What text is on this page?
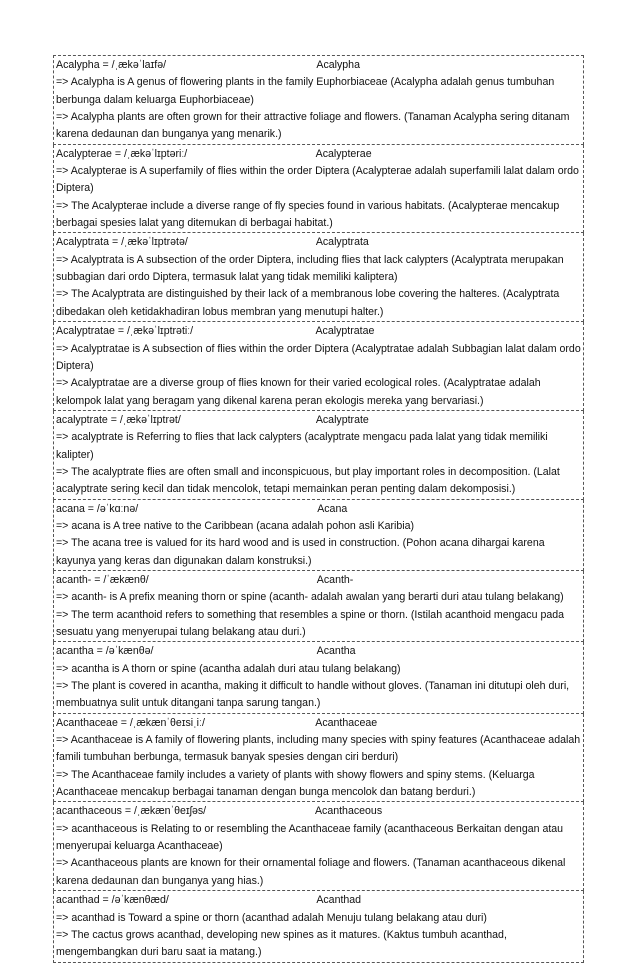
Acalypha = /ˌækəˈlaɪfə/	Acalypha
=> Acalypha is A genus of flowering plants in the family Euphorbiaceae (Acalypha adalah genus tumbuhan berbunga dalam keluarga Euphorbiaceae)
=> Acalypha plants are often grown for their attractive foliage and flowers. (Tanaman Acalypha sering ditanam karena dedaunan dan bunganya yang menarik.)
Acalypterae = /ˌækəˈlɪptəriː/	Acalypterae
=> Acalypterae is A superfamily of flies within the order Diptera (Acalypterae adalah superfamili lalat dalam ordo Diptera)
=> The Acalypterae include a diverse range of fly species found in various habitats. (Acalypterae mencakup berbagai spesies lalat yang ditemukan di berbagai habitat.)
Acalyptrata = /ˌækəˈlɪptrətə/	Acalyptrata
=> Acalyptrata is A subsection of the order Diptera, including flies that lack calypters (Acalyptrata merupakan subbagian dari ordo Diptera, termasuk lalat yang tidak memiliki kaliptera)
=> The Acalyptrata are distinguished by their lack of a membranous lobe covering the halteres. (Acalyptrata dibedakan oleh ketidakhadiran lobus membran yang menutupi halter.)
Acalyptratae = /ˌækəˈlɪptrətiː/	Acalyptratae
=> Acalyptratae is A subsection of flies within the order Diptera (Acalyptratae adalah Subbagian lalat dalam ordo Diptera)
=> Acalyptratae are a diverse group of flies known for their varied ecological roles. (Acalyptratae adalah kelompok lalat yang beragam yang dikenal karena peran ekologis mereka yang bervariasi.)
acalyptrate = /ˌækəˈlɪptrət/	Acalyptrate
=> acalyptrate is Referring to flies that lack calypters (acalyptrate mengacu pada lalat yang tidak memiliki kalipter)
=> The acalyptrate flies are often small and inconspicuous, but play important roles in decomposition. (Lalat acalyptrate sering kecil dan tidak mencolok, tetapi memainkan peran penting dalam dekomposisi.)
acana = /əˈkɑːnə/	Acana
=> acana is A tree native to the Caribbean (acana adalah pohon asli Karibia)
=> The acana tree is valued for its hard wood and is used in construction. (Pohon acana dihargai karena kayunya yang keras dan digunakan dalam konstruksi.)
acanth- = /ˈækænθ/	Acanth-
=> acanth- is A prefix meaning thorn or spine (acanth- adalah awalan yang berarti duri atau tulang belakang)
=> The term acanthoid refers to something that resembles a spine or thorn. (Istilah acanthoid mengacu pada sesuatu yang menyerupai tulang belakang atau duri.)
acantha = /əˈkænθə/	Acantha
=> acantha is A thorn or spine (acantha adalah duri atau tulang belakang)
=> The plant is covered in acantha, making it difficult to handle without gloves. (Tanaman ini ditutupi oleh duri, membuatnya sulit untuk ditangani tanpa sarung tangan.)
Acanthaceae = /ˌækænˈθeɪsiˌiː/	Acanthaceae
=> Acanthaceae is A family of flowering plants, including many species with spiny features (Acanthaceae adalah famili tumbuhan berbunga, termasuk banyak spesies dengan ciri berduri)
=> The Acanthaceae family includes a variety of plants with showy flowers and spiny stems. (Keluarga Acanthaceae mencakup berbagai tanaman dengan bunga mencolok dan batang berduri.)
acanthaceous = /ˌækænˈθeɪʃəs/	Acanthaceous
=> acanthaceous is Relating to or resembling the Acanthaceae family (acanthaceous Berkaitan dengan atau menyerupai keluarga Acanthaceae)
=> Acanthaceous plants are known for their ornamental foliage and flowers. (Tanaman acanthaceous dikenal karena dedaunan dan bunganya yang hias.)
acanthad = /əˈkænθæd/	Acanthad
=> acanthad is Toward a spine or thorn (acanthad adalah Menuju tulang belakang atau duri)
=> The cactus grows acanthad, developing new spines as it matures. (Kaktus tumbuh acanthad, mengembangkan duri baru saat ia matang.)
